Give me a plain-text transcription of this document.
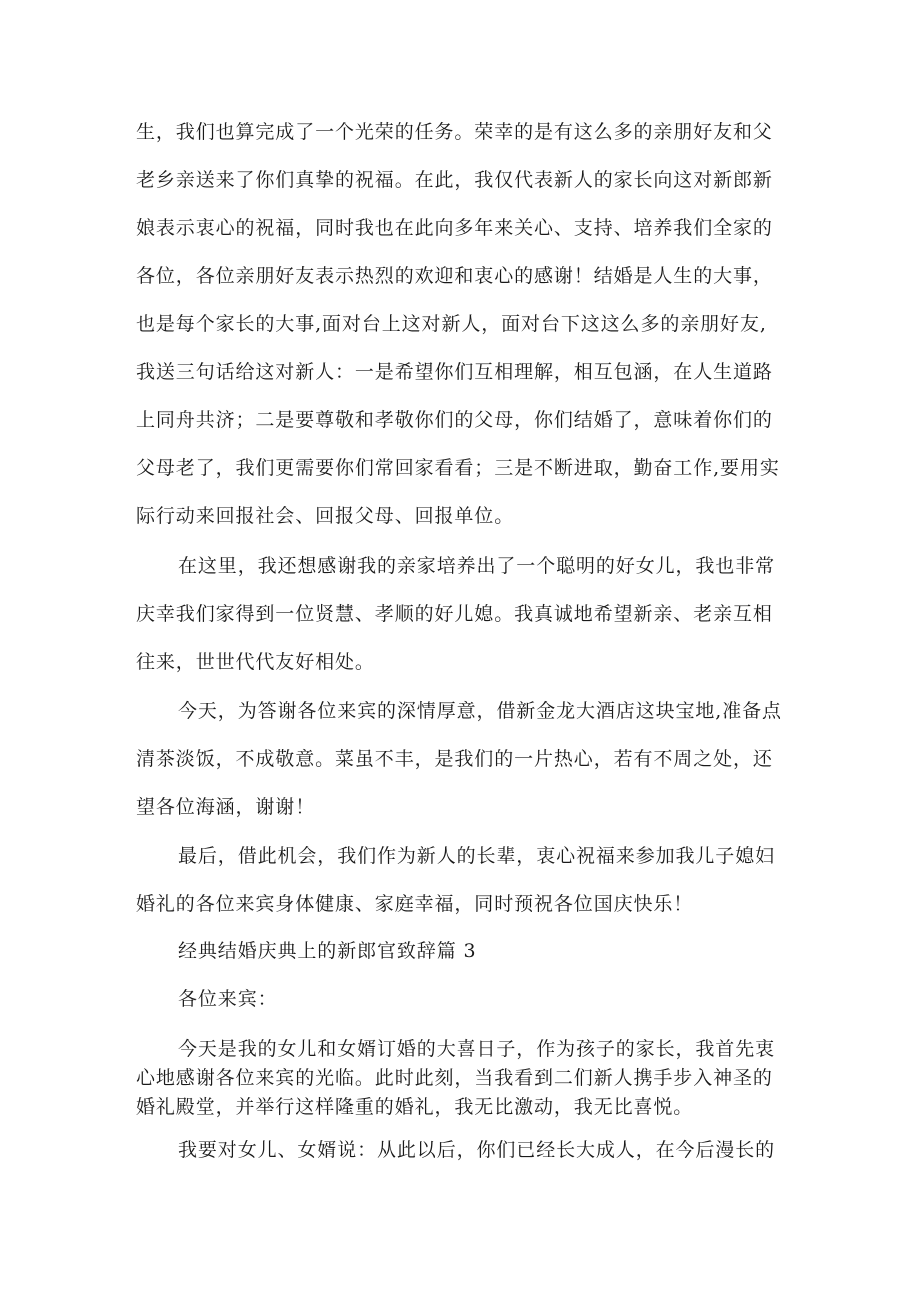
生，我们也算完成了一个光荣的任务。荣幸的是有这么多的亲朋好友和父
老乡亲送来了你们真挚的祝福。在此，我仅代表新人的家长向这对新郎新
娘表示衷心的祝福，同时我也在此向多年来关心、支持、培养我们全家的
各位，各位亲朋好友表示热烈的欢迎和衷心的感谢！结婚是人生的大事，
也是每个家长的大事,面对台上这对新人，面对台下这这么多的亲朋好友,
我送三句话给这对新人：一是希望你们互相理解，相互包涵，在人生道路
上同舟共济；二是要尊敬和孝敬你们的父母，你们结婚了，意味着你们的
父母老了，我们更需要你们常回家看看；三是不断进取，勤奋工作,要用实
际行动来回报社会、回报父母、回报单位。
在这里，我还想感谢我的亲家培养出了一个聪明的好女儿，我也非常
庆幸我们家得到一位贤慧、孝顺的好儿媳。我真诚地希望新亲、老亲互相
往来，世世代代友好相处。
今天，为答谢各位来宾的深情厚意，借新金龙大酒店这块宝地,准备点
清茶淡饭，不成敬意。菜虽不丰，是我们的一片热心，若有不周之处，还
望各位海涵，谢谢！
最后，借此机会，我们作为新人的长辈，衷心祝福来参加我儿子媳妇
婚礼的各位来宾身体健康、家庭幸福，同时预祝各位国庆快乐！
经典结婚庆典上的新郎官致辞篇 3
各位来宾：
今天是我的女儿和女婿订婚的大喜日子，作为孩子的家长，我首先衷
心地感谢各位来宾的光临。此时此刻，当我看到二们新人携手步入神圣的
婚礼殿堂，并举行这样隆重的婚礼，我无比激动，我无比喜悦。
我要对女儿、女婿说：从此以后，你们已经长大成人，在今后漫长的
